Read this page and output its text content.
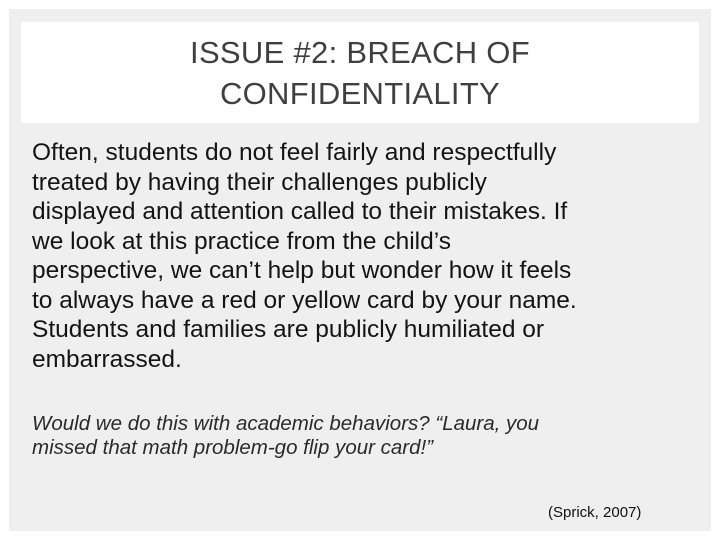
ISSUE #2: BREACH OF
CONFIDENTIALITY
Often, students do not feel fairly and respectfully
treated by having their challenges publicly
displayed and attention called to their mistakes. If
we look at this practice from the child’s
perspective, we can’t help but wonder how it feels
to always have a red or yellow card by your name.
Students and families are publicly humiliated or
embarrassed.
Would we do this with academic behaviors? “Laura, you
missed that math problem-go flip your card!”
(Sprick, 2007)
